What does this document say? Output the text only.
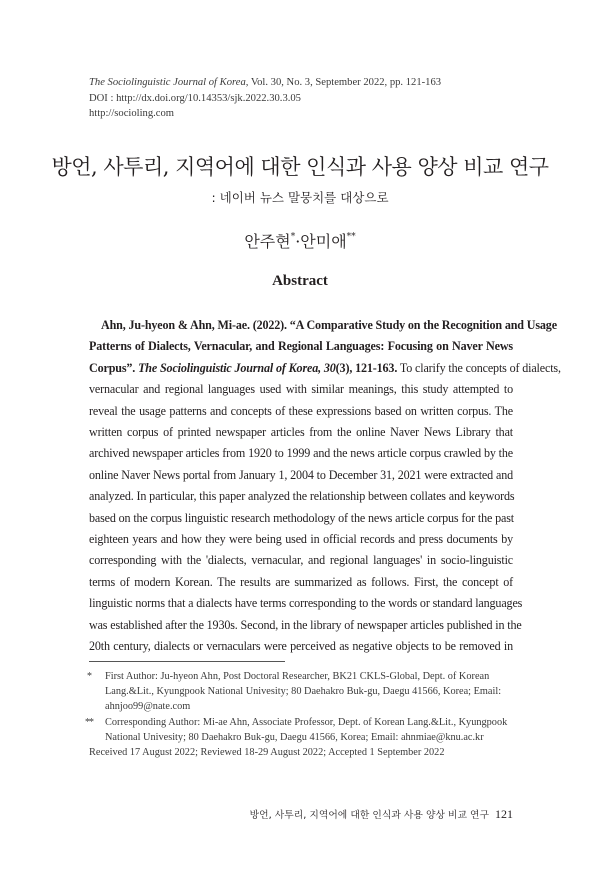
The Sociolinguistic Journal of Korea, Vol. 30, No. 3, September 2022, pp. 121-163
DOI : http://dx.doi.org/10.14353/sjk.2022.30.3.05
http://socioling.com
방언, 사투리, 지역어에 대한 인식과 사용 양상 비교 연구
: 네이버 뉴스 말뭉치를 대상으로
안주현*·안미애**
Abstract
Ahn, Ju-hyeon & Ahn, Mi-ae. (2022). “A Comparative Study on the Recognition and Usage
Patterns of Dialects, Vernacular, and Regional Languages: Focusing on Naver News
Corpus”. The Sociolinguistic Journal of Korea, 30(3), 121-163. To clarify the concepts of dialects,
vernacular and regional languages used with similar meanings, this study attempted to
reveal the usage patterns and concepts of these expressions based on written corpus. The
written corpus of printed newspaper articles from the online Naver News Library that
archived newspaper articles from 1920 to 1999 and the news article corpus crawled by the
online Naver News portal from January 1, 2004 to December 31, 2021 were extracted and
analyzed. In particular, this paper analyzed the relationship between collates and keywords
based on the corpus linguistic research methodology of the news article corpus for the past
eighteen years and how they were being used in official records and press documents by
corresponding with the 'dialects, vernacular, and regional languages' in socio-linguistic
terms of modern Korean. The results are summarized as follows. First, the concept of
linguistic norms that a dialects have terms corresponding to the words or standard languages
was established after the 1930s. Second, in the library of newspaper articles published in the
20th century, dialects or vernaculars were perceived as negative objects to be removed in
* First Author: Ju-hyeon Ahn, Post Doctoral Researcher, BK21 CKLS-Global, Dept. of Korean
Lang.&Lit., Kyungpook National Univesity; 80 Daehakro Buk-gu, Daegu 41566, Korea; Email:
ahnjoo99@nate.com
** Corresponding Author: Mi-ae Ahn, Associate Professor, Dept. of Korean Lang.&Lit., Kyungpook
National Univesity; 80 Daehakro Buk-gu, Daegu 41566, Korea; Email: ahnmiae@knu.ac.kr
Received 17 August 2022; Reviewed 18-29 August 2022; Accepted 1 September 2022
방언, 사투리, 지역어에 대한 인식과 사용 양상 비교 연구 121
